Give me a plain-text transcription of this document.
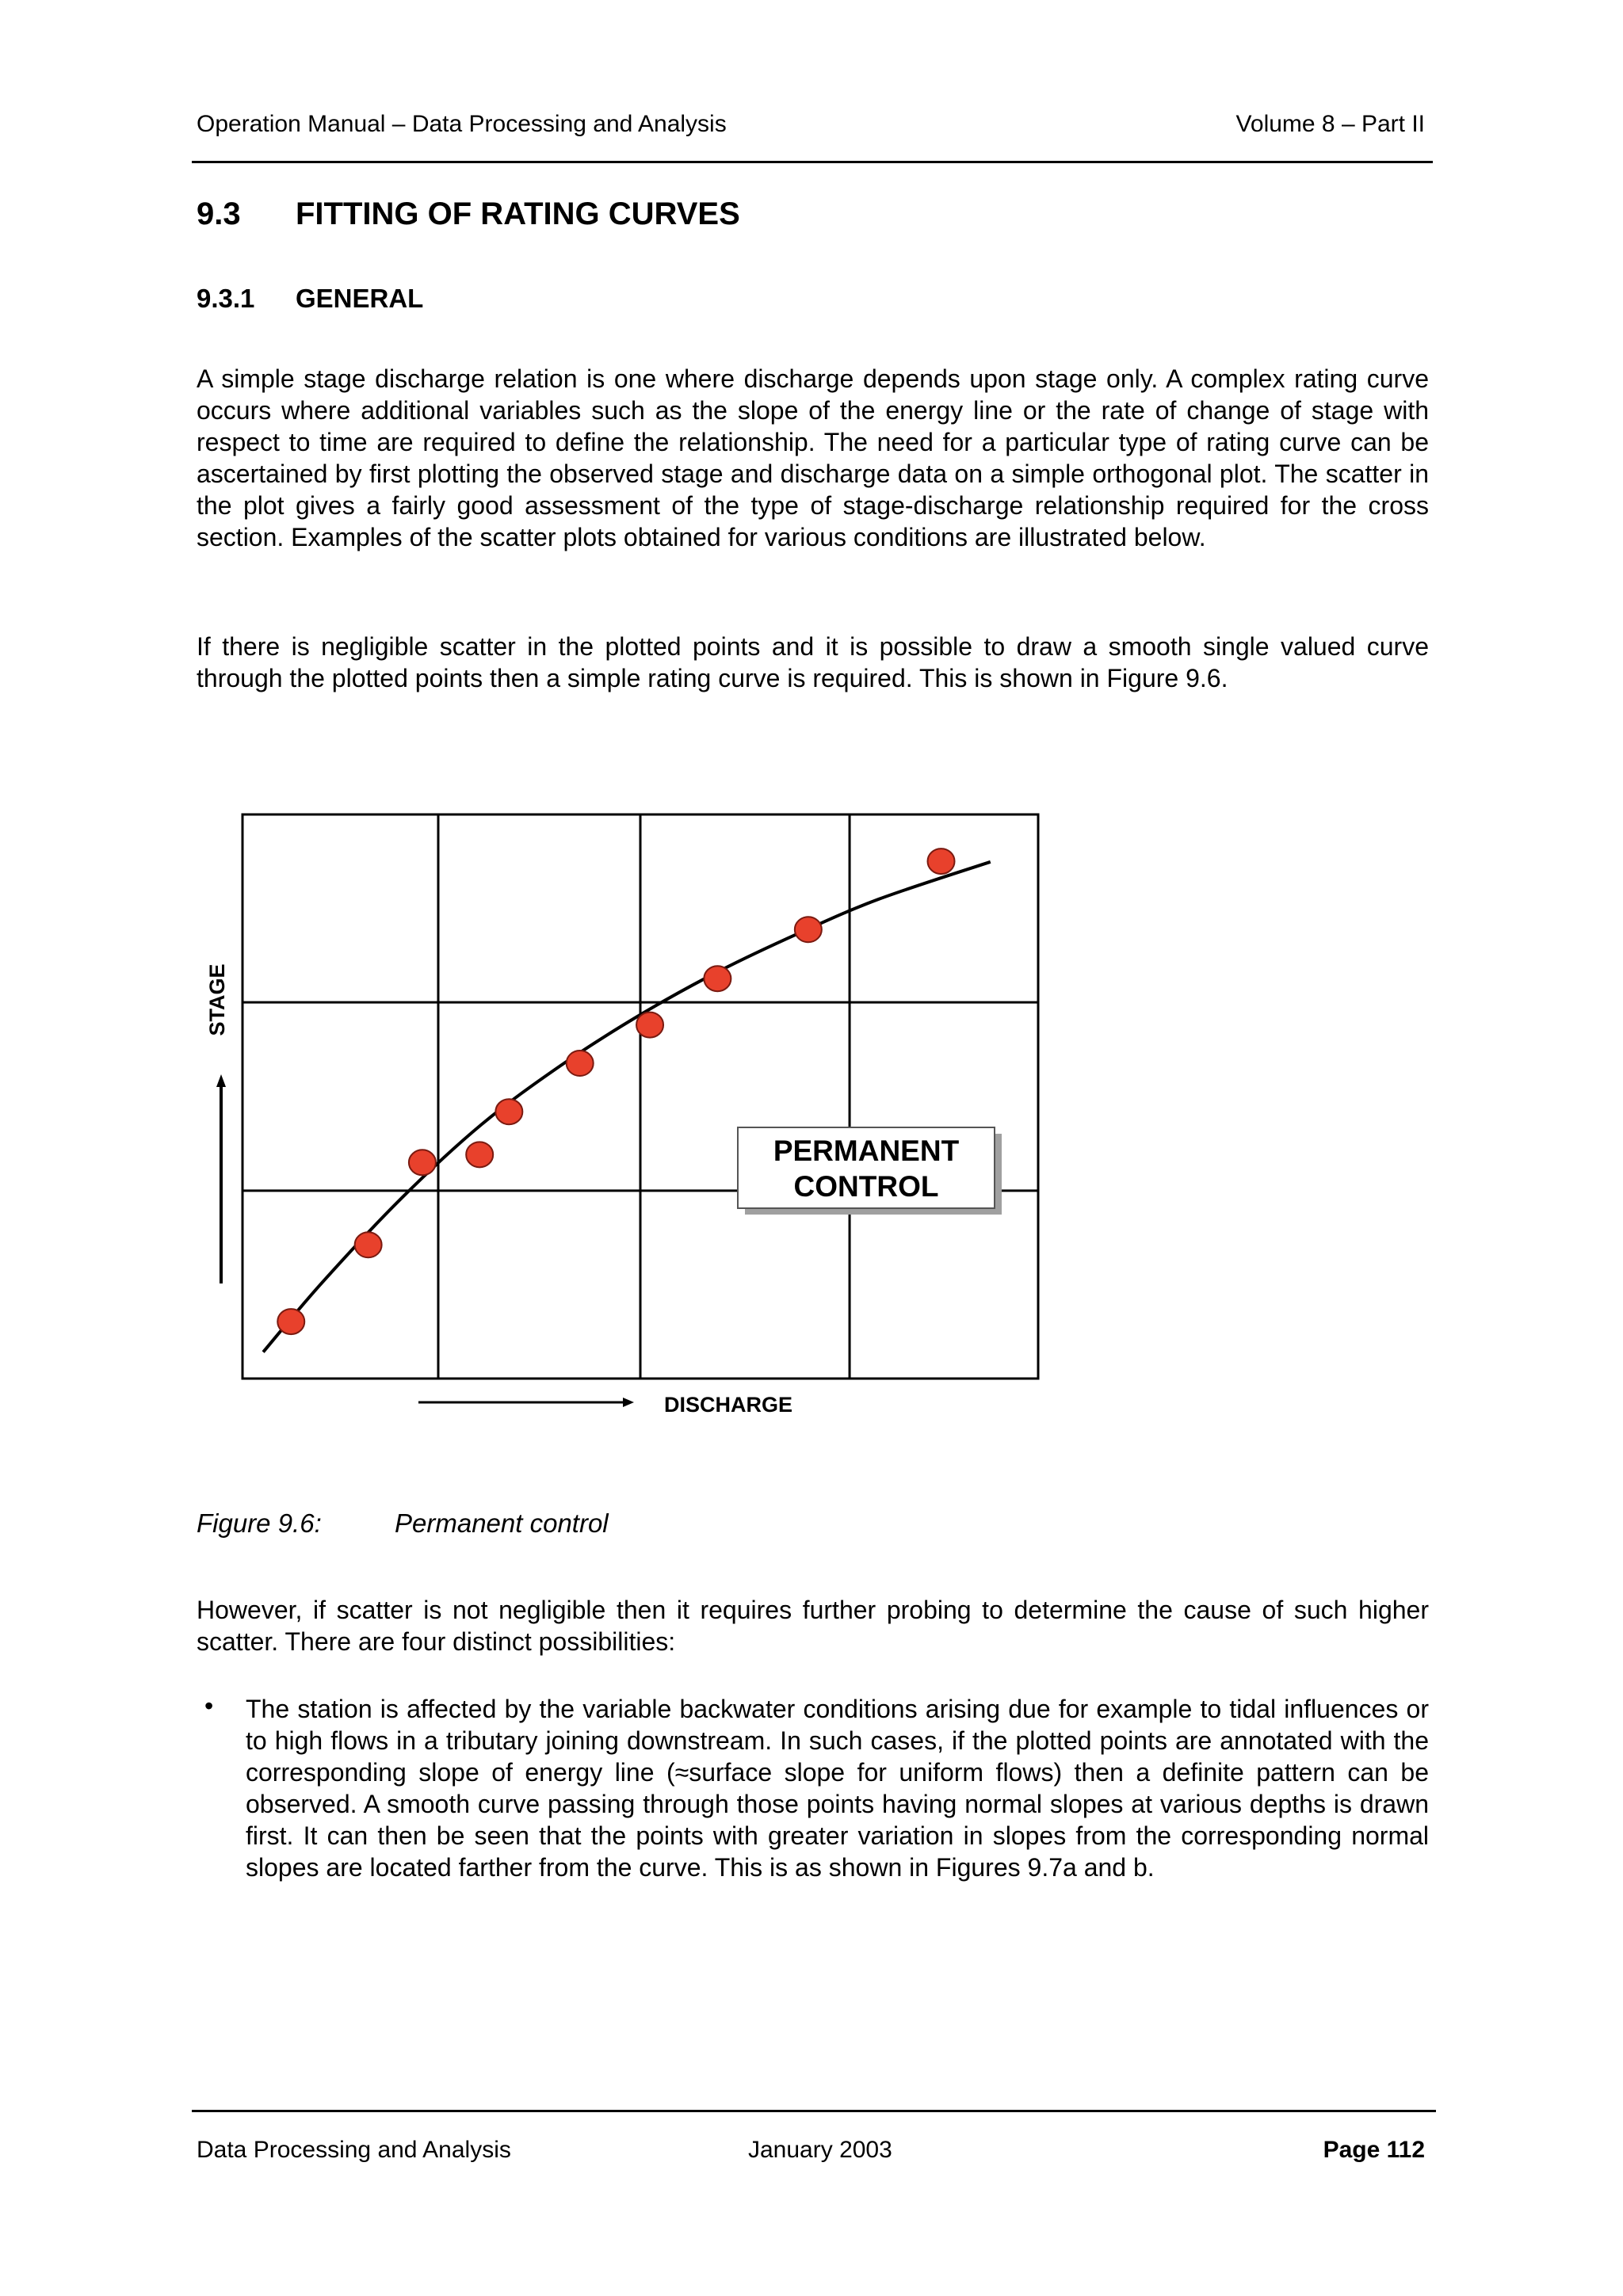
Operation Manual – Data Processing and Analysis	Volume 8 – Part II
9.3 FITTING OF RATING CURVES
9.3.1 GENERAL
A simple stage discharge relation is one where discharge depends upon stage only. A complex rating curve occurs where additional variables such as the slope of the energy line or the rate of change of stage with respect to time are required to define the relationship. The need for a particular type of rating curve can be ascertained by first plotting the observed stage and discharge data on a simple orthogonal plot. The scatter in the plot gives a fairly good assessment of the type of stage-discharge relationship required for the cross section. Examples of the scatter plots obtained for various conditions are illustrated below.
If there is negligible scatter in the plotted points and it is possible to draw a smooth single valued curve through the plotted points then a simple rating curve is required. This is shown in Figure 9.6.
PERMANENT
CONTROL
STAGE
DISCHARGE
Figure 9.6:	Permanent control
However, if scatter is not negligible then it requires further probing to determine the cause of such higher scatter. There are four distinct possibilities:
• The station is affected by the variable backwater conditions arising due for example to tidal influences or to high flows in a tributary joining downstream. In such cases, if the plotted points are annotated with the corresponding slope of energy line (≈surface slope for uniform flows) then a definite pattern can be observed. A smooth curve passing through those points having normal slopes at various depths is drawn first. It can then be seen that the points with greater variation in slopes from the corresponding normal slopes are located farther from the curve. This is as shown in Figures 9.7a and b.
Data Processing and Analysis	January 2003	Page 112
